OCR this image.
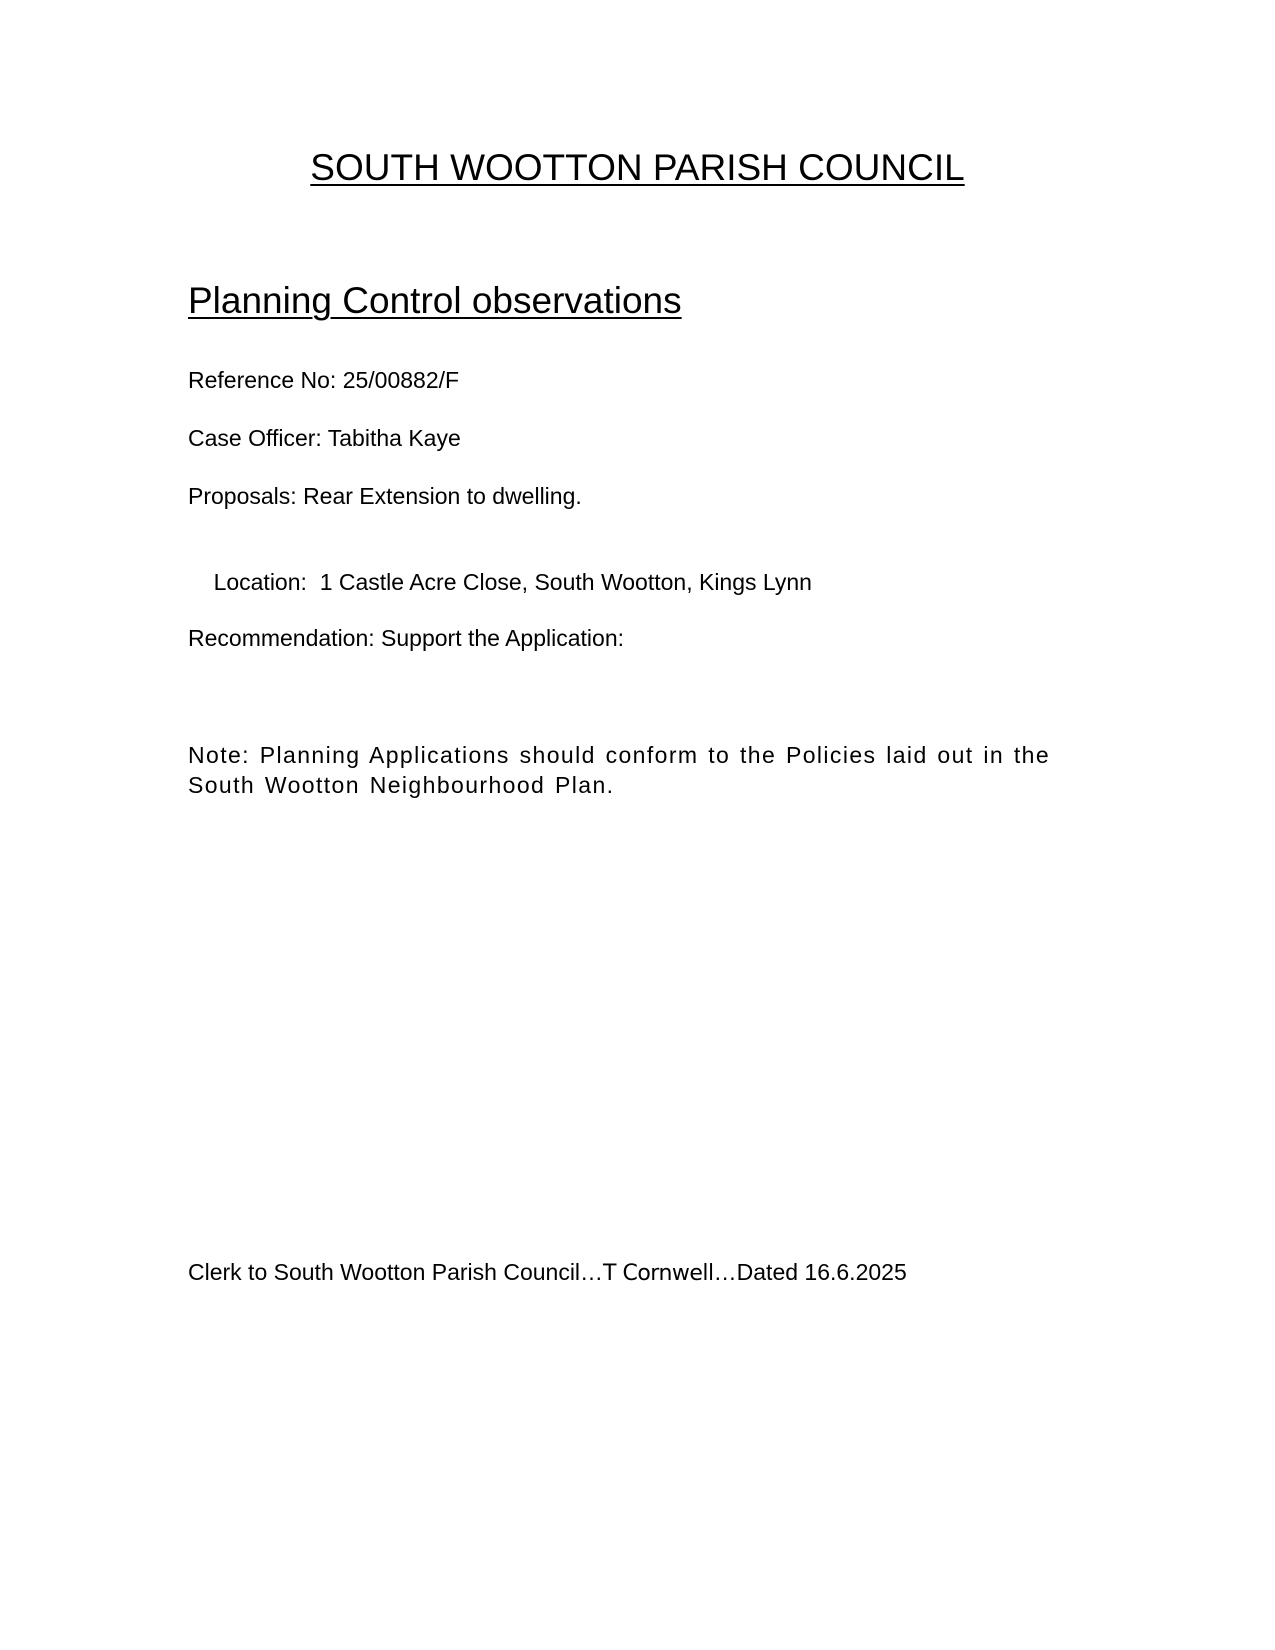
SOUTH WOOTTON PARISH COUNCIL
Planning Control observations
Reference No: 25/00882/F
Case Officer: Tabitha Kaye
Proposals: Rear Extension to dwelling.

Location:  1 Castle Acre Close, South Wootton, Kings Lynn

Recommendation: Support the Application:

Note: Planning Applications should conform to the Policies laid out in the South Wootton Neighbourhood Plan.

Clerk to South Wootton Parish Council…T Cornwell…Dated 16.6.2025
